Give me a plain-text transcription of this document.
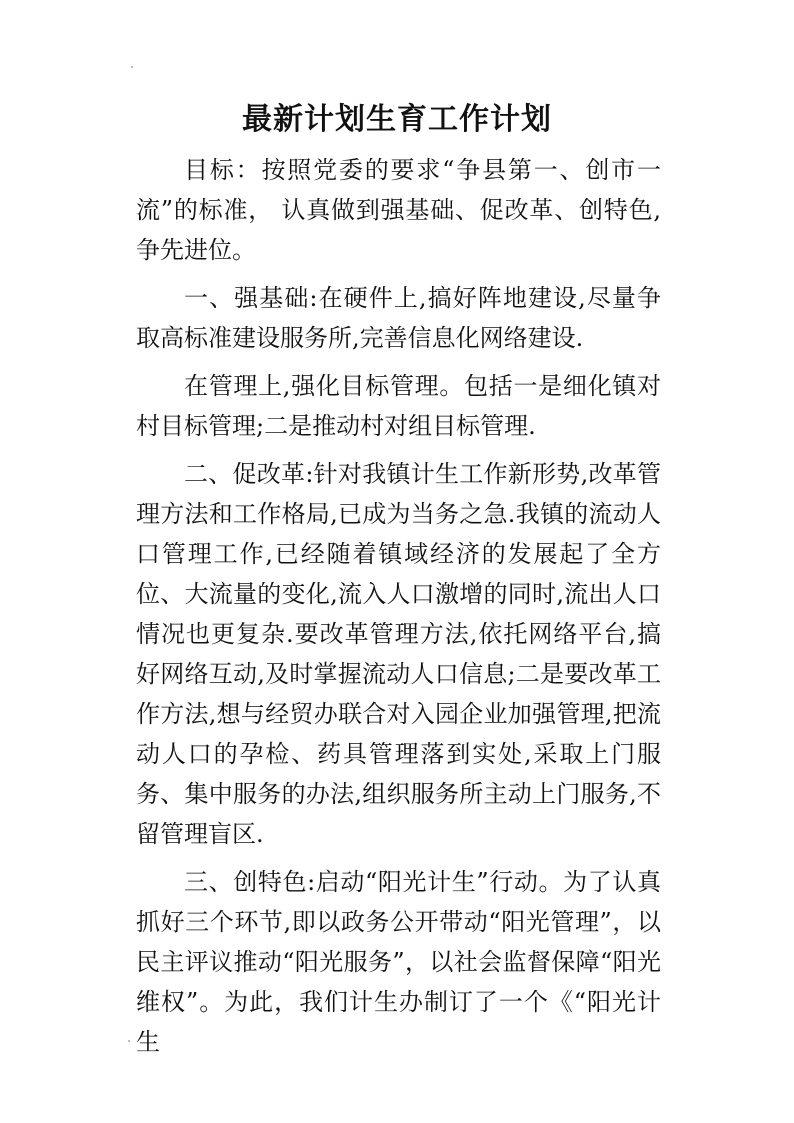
最新计划生育工作计划

目标：按照党委的要求“争县第一、创市一流”的标准， 认真做到强基础、促改革、创特色,争先进位。

一、强基础:在硬件上,搞好阵地建设,尽量争取高标准建设服务所,完善信息化网络建设.

在管理上,强化目标管理。包括一是细化镇对村目标管理;二是推动村对组目标管理.

二、促改革:针对我镇计生工作新形势,改革管理方法和工作格局,已成为当务之急.我镇的流动人口管理工作,已经随着镇域经济的发展起了全方位、大流量的变化,流入人口激增的同时,流出人口情况也更复杂.要改革管理方法,依托网络平台,搞好网络互动,及时掌握流动人口信息;二是要改革工作方法,想与经贸办联合对入园企业加强管理,把流动人口的孕检、药具管理落到实处,采取上门服务、集中服务的办法,组织服务所主动上门服务,不留管理盲区.

三、创特色:启动“阳光计生”行动。为了认真抓好三个环节,即以政务公开带动“阳光管理”，以民主评议推动“阳光服务”，以社会监督保障“阳光维权”。为此，我们计生办制订了一个《“阳光计生
